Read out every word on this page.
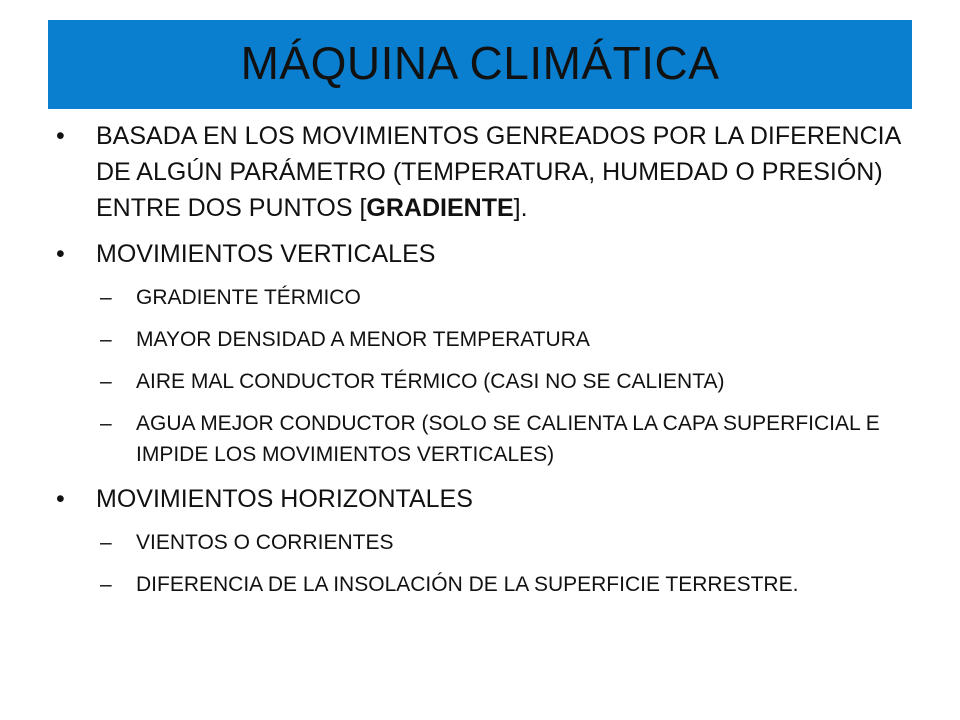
MÁQUINA CLIMÁTICA
•	BASADA EN LOS MOVIMIENTOS GENREADOS POR LA DIFERENCIA DE ALGÚN PARÁMETRO (TEMPERATURA, HUMEDAD O PRESIÓN) ENTRE DOS PUNTOS [GRADIENTE].
•	MOVIMIENTOS VERTICALES
– GRADIENTE TÉRMICO
– MAYOR DENSIDAD A MENOR TEMPERATURA
– AIRE MAL CONDUCTOR TÉRMICO (CASI NO SE CALIENTA)
– AGUA MEJOR CONDUCTOR (SOLO SE CALIENTA LA CAPA SUPERFICIAL E IMPIDE LOS MOVIMIENTOS VERTICALES)
•	MOVIMIENTOS HORIZONTALES
– VIENTOS O CORRIENTES
– DIFERENCIA DE LA INSOLACIÓN DE LA SUPERFICIE TERRESTRE.
